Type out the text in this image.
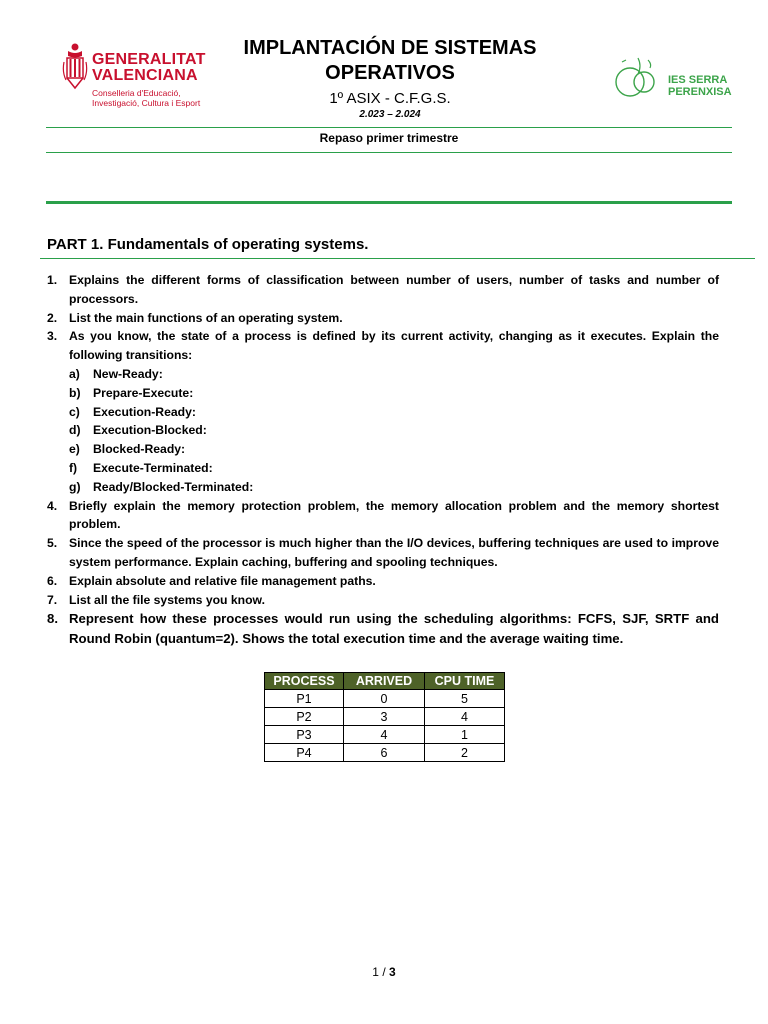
GENERALITAT
VALENCIANA
Conselleria d'Educació,
Investigació, Cultura i Esport
IMPLANTACIÓN DE SISTEMAS
OPERATIVOS
1º ASIX - C.F.G.S.
2.023 – 2.024
IES SERRA
PERENXISA
Repaso primer trimestre
PART 1. Fundamentals of operating systems.
1. Explains the different forms of classification between number of users, number of tasks and number of processors.
2. List the main functions of an operating system.
3. As you know, the state of a process is defined by its current activity, changing as it executes. Explain the following transitions:
a)	New-Ready:
b)	Prepare-Execute:
c)	Execution-Ready:
d)	Execution-Blocked:
e)	Blocked-Ready:
f)	Execute-Terminated:
g)	Ready/Blocked-Terminated:
4. Briefly explain the memory protection problem, the memory allocation problem and the memory shortest problem.
5. Since the speed of the processor is much higher than the I/O devices, buffering techniques are used to improve system performance. Explain caching, buffering and spooling techniques.
6. Explain absolute and relative file management paths.
7. List all the file systems you know.
8. Represent how these processes would run using the scheduling algorithms: FCFS, SJF, SRTF and Round Robin (quantum=2). Shows the total execution time and the average waiting time.
PROCESS	ARRIVED	CPU TIME
P1	0	5
P2	3	4
P3	4	1
P4	6	2
1 / 3
